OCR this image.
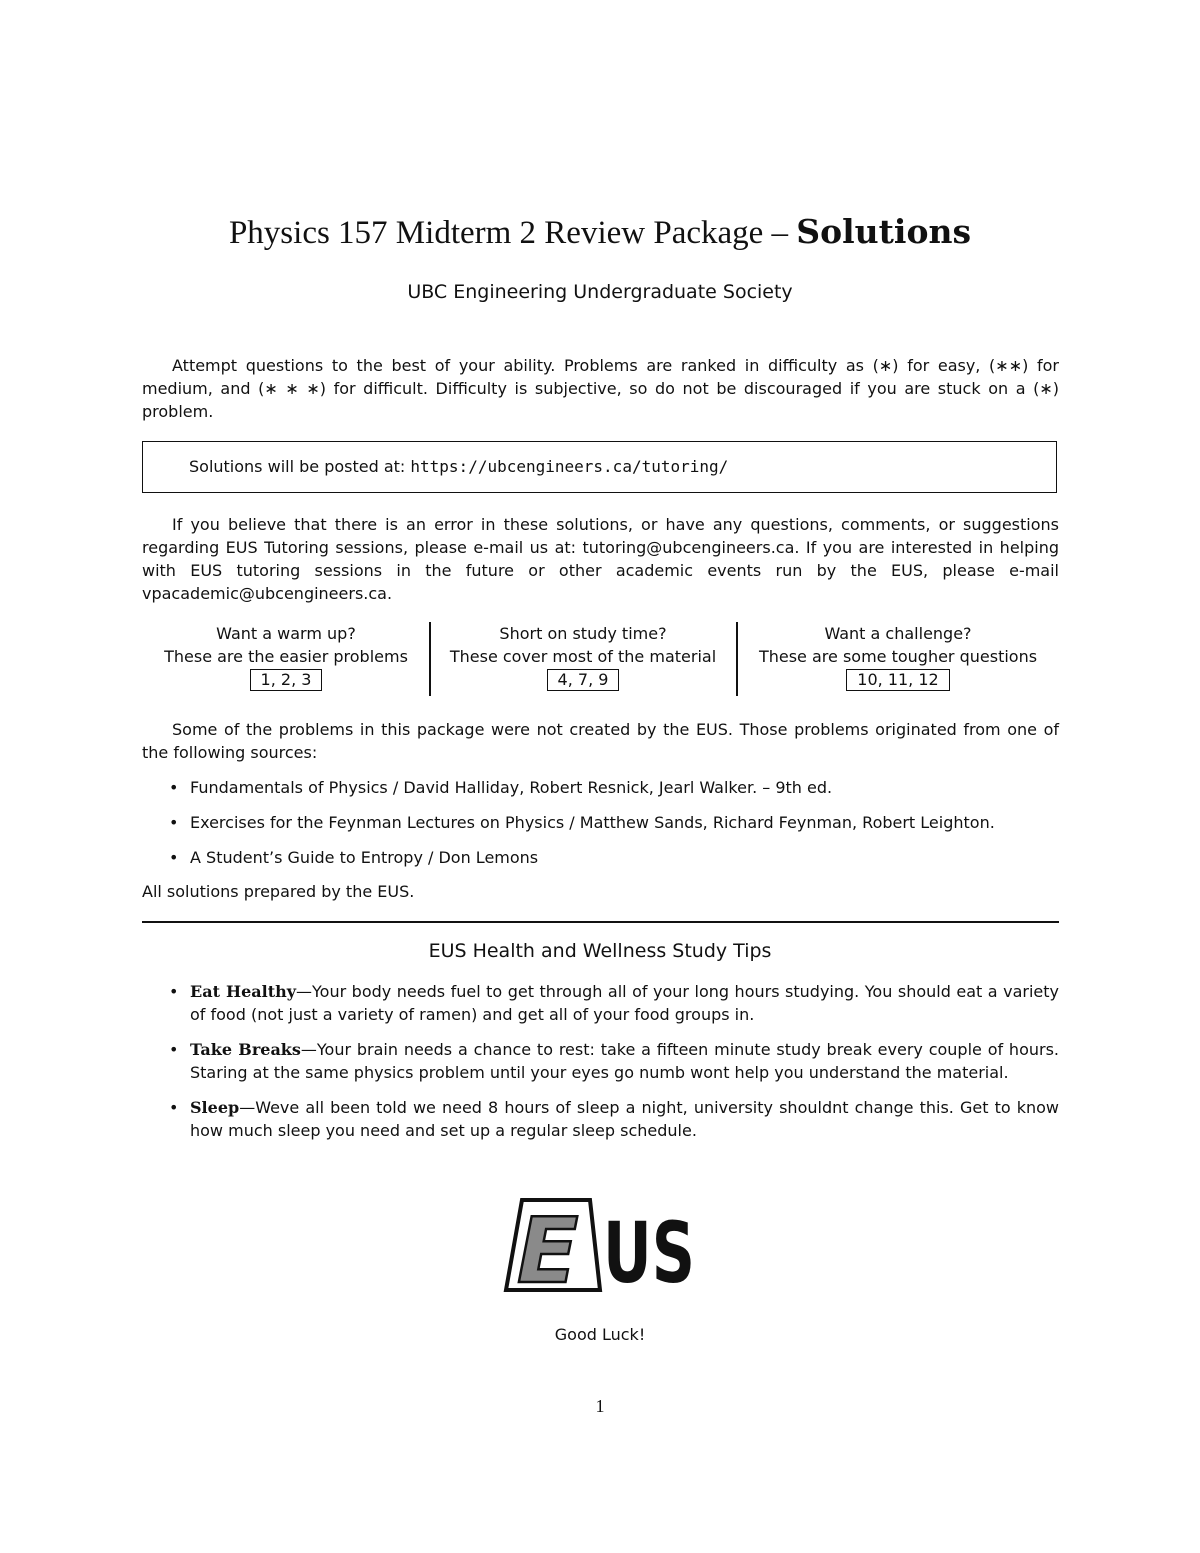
Physics 157 Midterm 2 Review Package – Solutions
UBC Engineering Undergraduate Society

Attempt questions to the best of your ability. Problems are ranked in difficulty as (∗) for easy, (∗∗) for medium, and (∗ ∗ ∗) for difficult. Difficulty is subjective, so do not be discouraged if you are stuck on a (∗) problem.

Solutions will be posted at: https://ubcengineers.ca/tutoring/

If you believe that there is an error in these solutions, or have any questions, comments, or suggestions regarding EUS Tutoring sessions, please e-mail us at: tutoring@ubcengineers.ca. If you are interested in helping with EUS tutoring sessions in the future or other academic events run by the EUS, please e-mail vpacademic@ubcengineers.ca.

Want a warm up?
These are the easier problems
1, 2, 3
Short on study time?
These cover most of the material
4, 7, 9
Want a challenge?
These are some tougher questions
10, 11, 12

Some of the problems in this package were not created by the EUS. Those problems originated from one of the following sources:

• Fundamentals of Physics / David Halliday, Robert Resnick, Jearl Walker. – 9th ed.
• Exercises for the Feynman Lectures on Physics / Matthew Sands, Richard Feynman, Robert Leighton.
• A Student’s Guide to Entropy / Don Lemons
All solutions prepared by the EUS.
EUS Health and Wellness Study Tips
• Eat Healthy—Your body needs fuel to get through all of your long hours studying. You should eat a variety of food (not just a variety of ramen) and get all of your food groups in.
• Take Breaks—Your brain needs a chance to rest: take a fifteen minute study break every couple of hours. Staring at the same physics problem until your eyes go numb wont help you understand the material.
• Sleep—Weve all been told we need 8 hours of sleep a night, university shouldnt change this. Get to know how much sleep you need and set up a regular sleep schedule.
E US
Good Luck!
1
